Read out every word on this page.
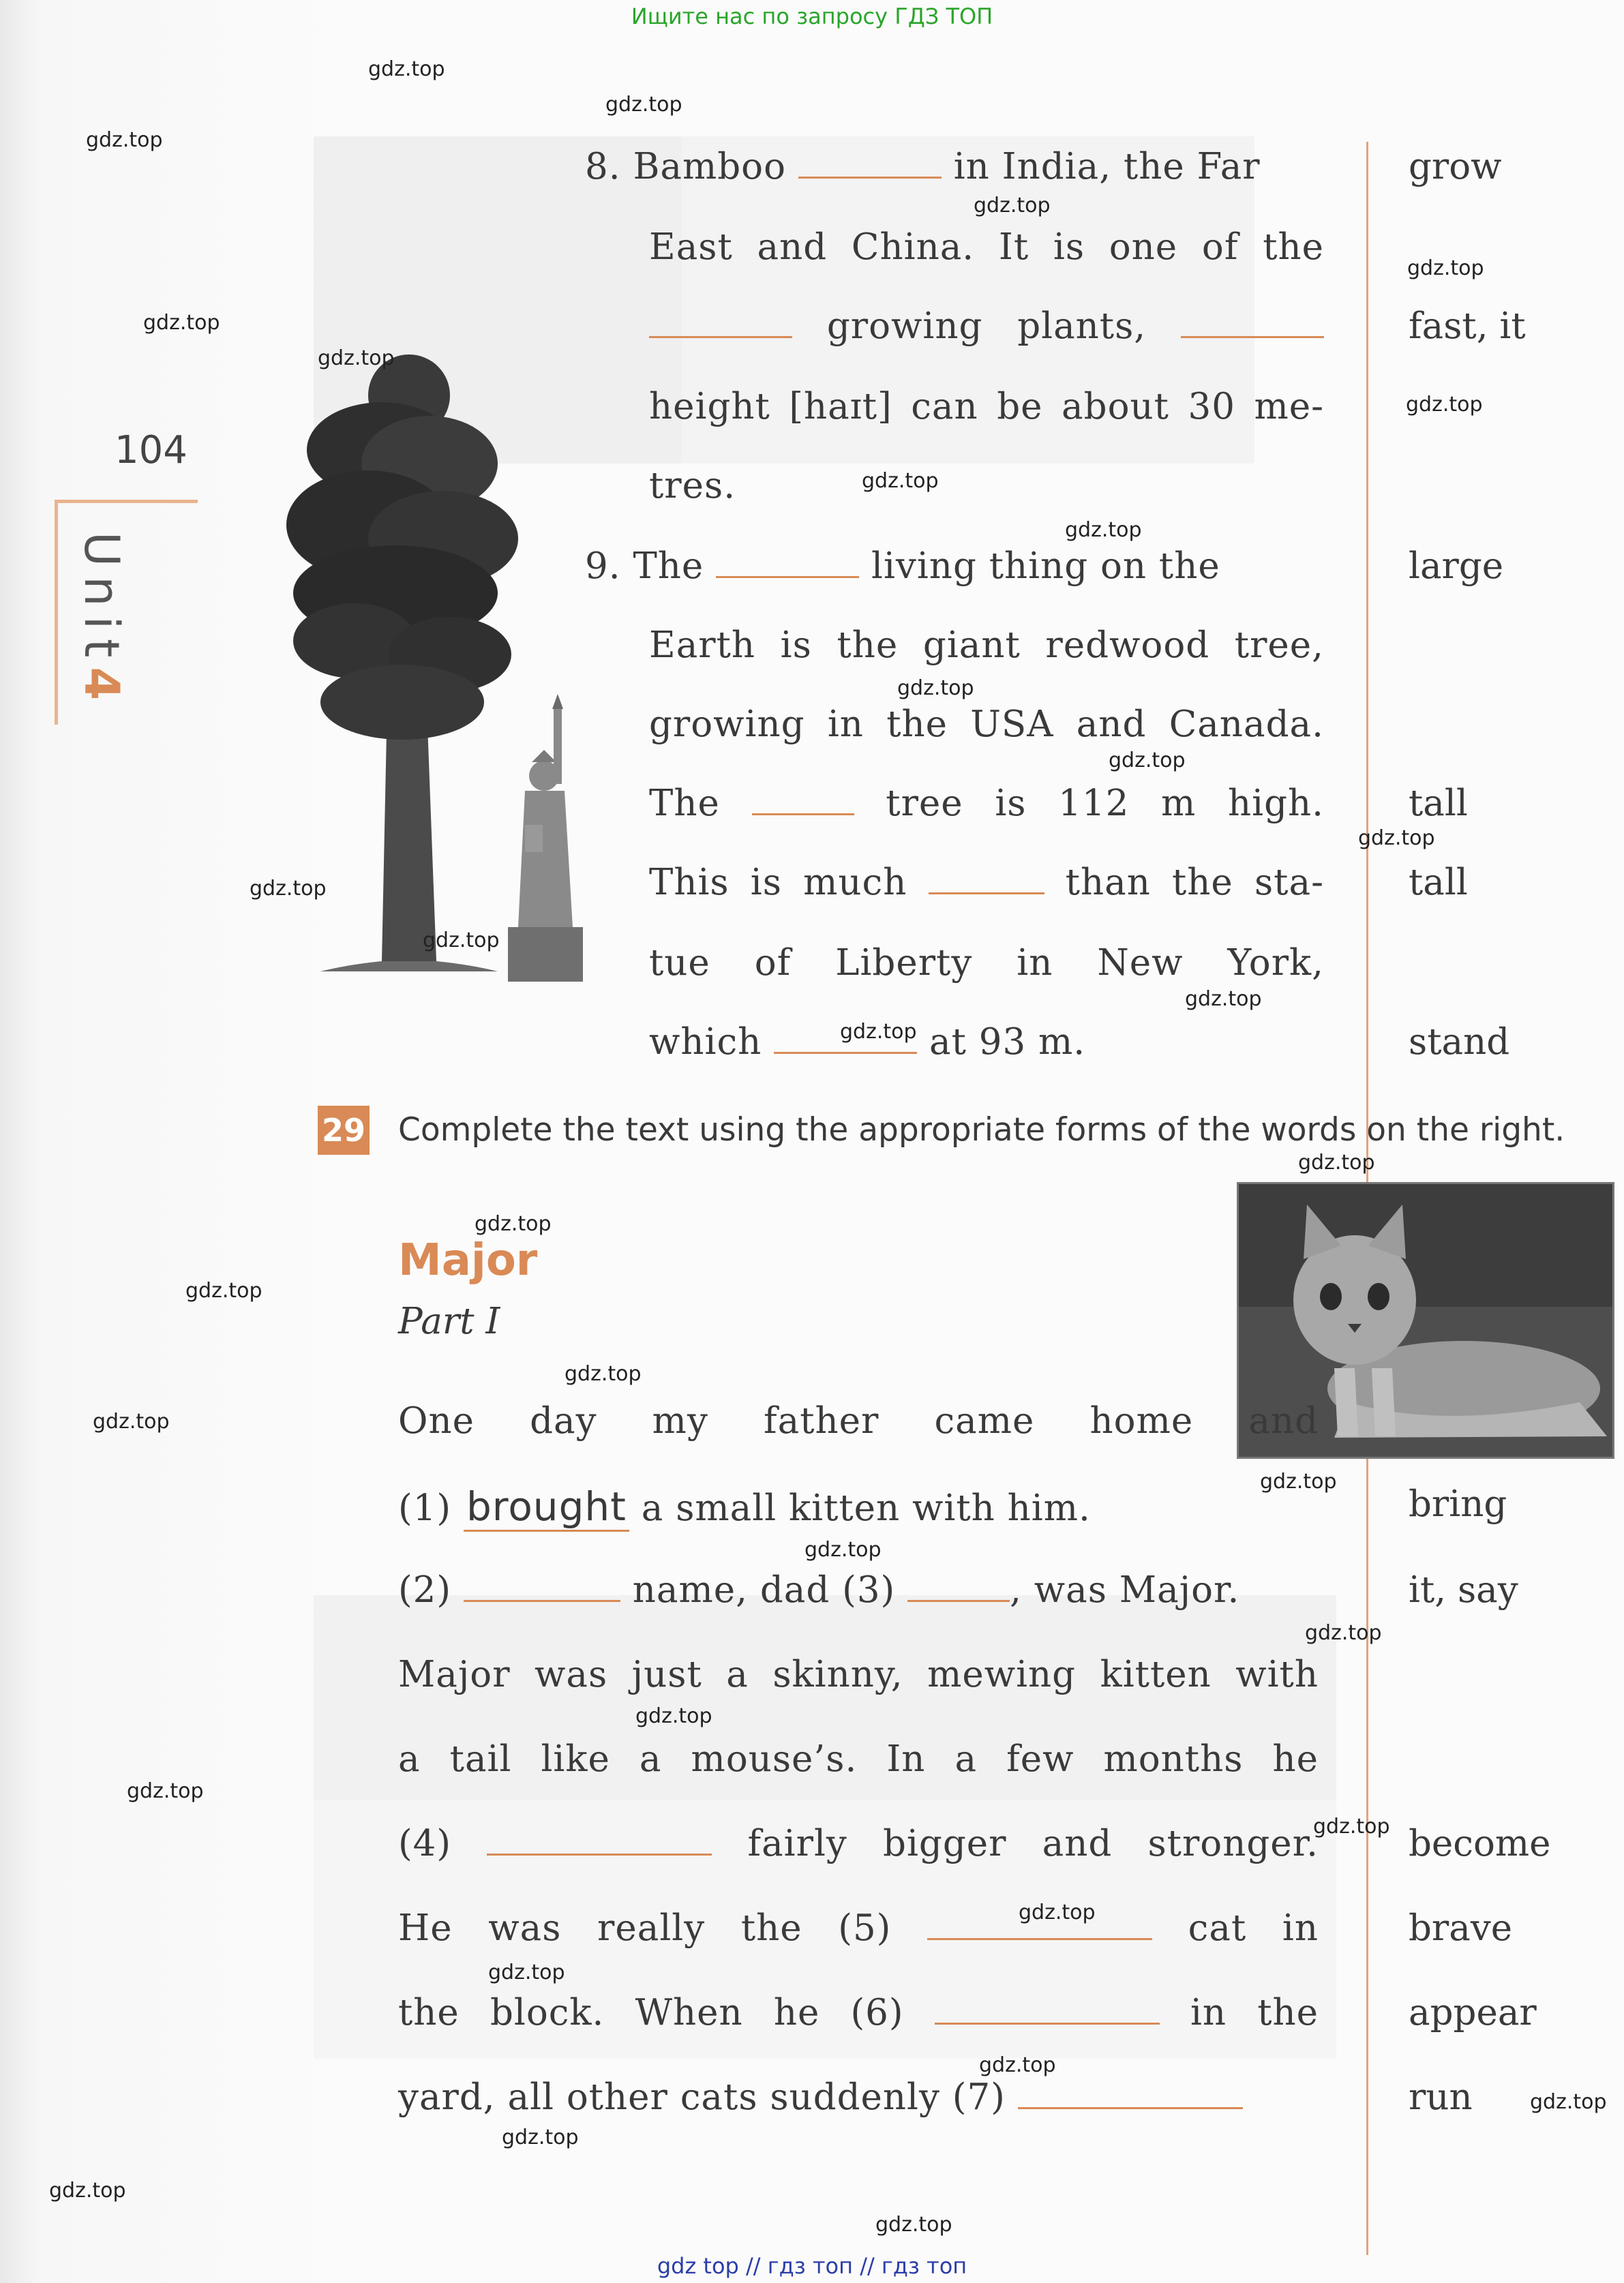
Ищите нас по запросу ГДЗ ТОП
104
Unit4
8. Bamboo	in India, the Far
East and China. It is one of the
growing plants,
height [haɪt] can be about 30 me-
tres.
9. The	living thing on the
Earth is the giant redwood tree,
growing in the USA and Canada.
The	tree is 112 m high.
This is much	than the sta-
tue of Liberty in New York,
which	at 93 m.
grow
fast, it
large
tall
tall
stand
29 Complete the text using the appropriate forms of the words on the right.
Major
Part I
One day my father came home and
(1) brought a small kitten with him.
(2)	name, dad (3)	, was Major.
Major was just a skinny, mewing kitten with
a tail like a mouse’s. In a few months he
(4)	fairly bigger and stronger.
He was really the (5)	cat in
the block. When he (6)	in the
yard, all other cats suddenly (7)
bring
it, say
become
brave
appear
run
gdz.top
gdz.top
gdz.top
gdz.top
gdz.top
gdz.top
gdz.top
gdz.top
gdz.top
gdz.top
gdz.top
gdz.top
gdz.top
gdz.top
gdz.top
gdz.top
gdz.top
gdz.top
gdz.top
gdz.top
gdz.top
gdz.top
gdz.top
gdz.top
gdz.top
gdz.top
gdz.top
gdz.top
gdz.top
gdz.top
gdz.top
gdz.top
gdz.top
gdz.top
gdz.top
gdz top // гдз топ // гдз топ
